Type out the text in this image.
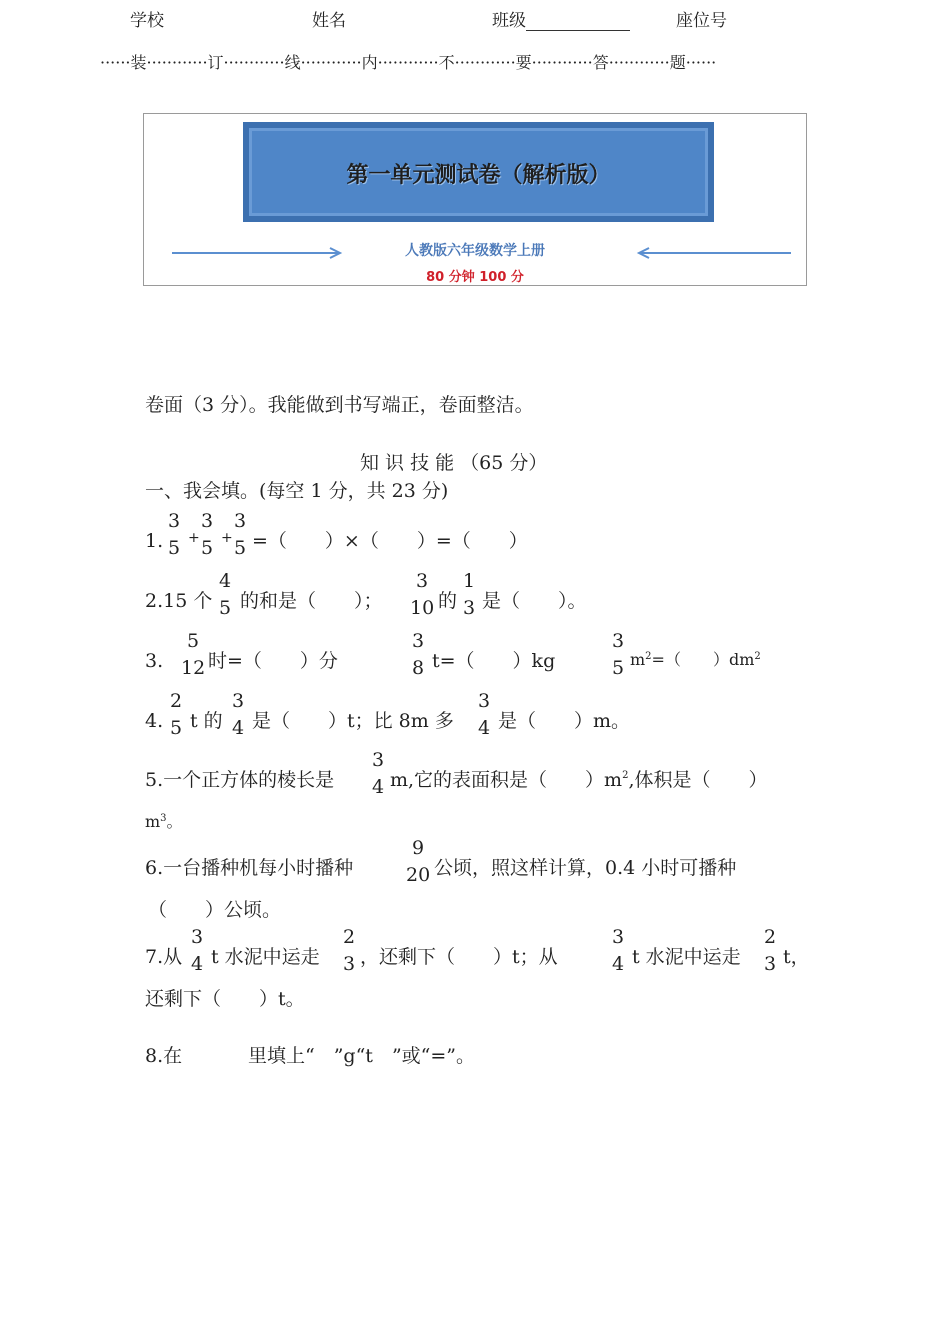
学校	姓名	班级	座位号
······装············订············线············内············不············要············答············题······
第一单元测试卷（解析版）
人教版六年级数学上册
80 分钟 100 分
卷面（3 分）。我能做到书写端正，卷面整洁。
知 识 技 能 （65 分）
一、我会填。(每空 1 分，共 23 分)
1.
3
5 +
3
5 +
3
5 =（　　）×（　　）=（　　）
2.15 个
4
5 的和是（　　）；
3
10 的
1
3 是（　　）。
3.
5
12 时=（　　）分
3
8 t=（　　）kg
3
5 $m^2=$（　　）$dm^2$
4.
2
5 t 的
3
4 是（　　）t；比 8m 多
3
4 是（　　）m。
5.一个正方体的棱长是
3
4 m,它的表面积是（　　）$m^2$,体积是（　　）
$m^3$。
6.一台播种机每小时播种
9
20 公顷，照这样计算，0.4 小时可播种
（　　）公顷。
7.从
3
4 t 水泥中运走
2
3 ，还剩下（　　）t；从
3
4 t 水泥中运走
2
3 t，
还剩下（　　）t。
8.在	里填上“　”g“t　”或“=”。
